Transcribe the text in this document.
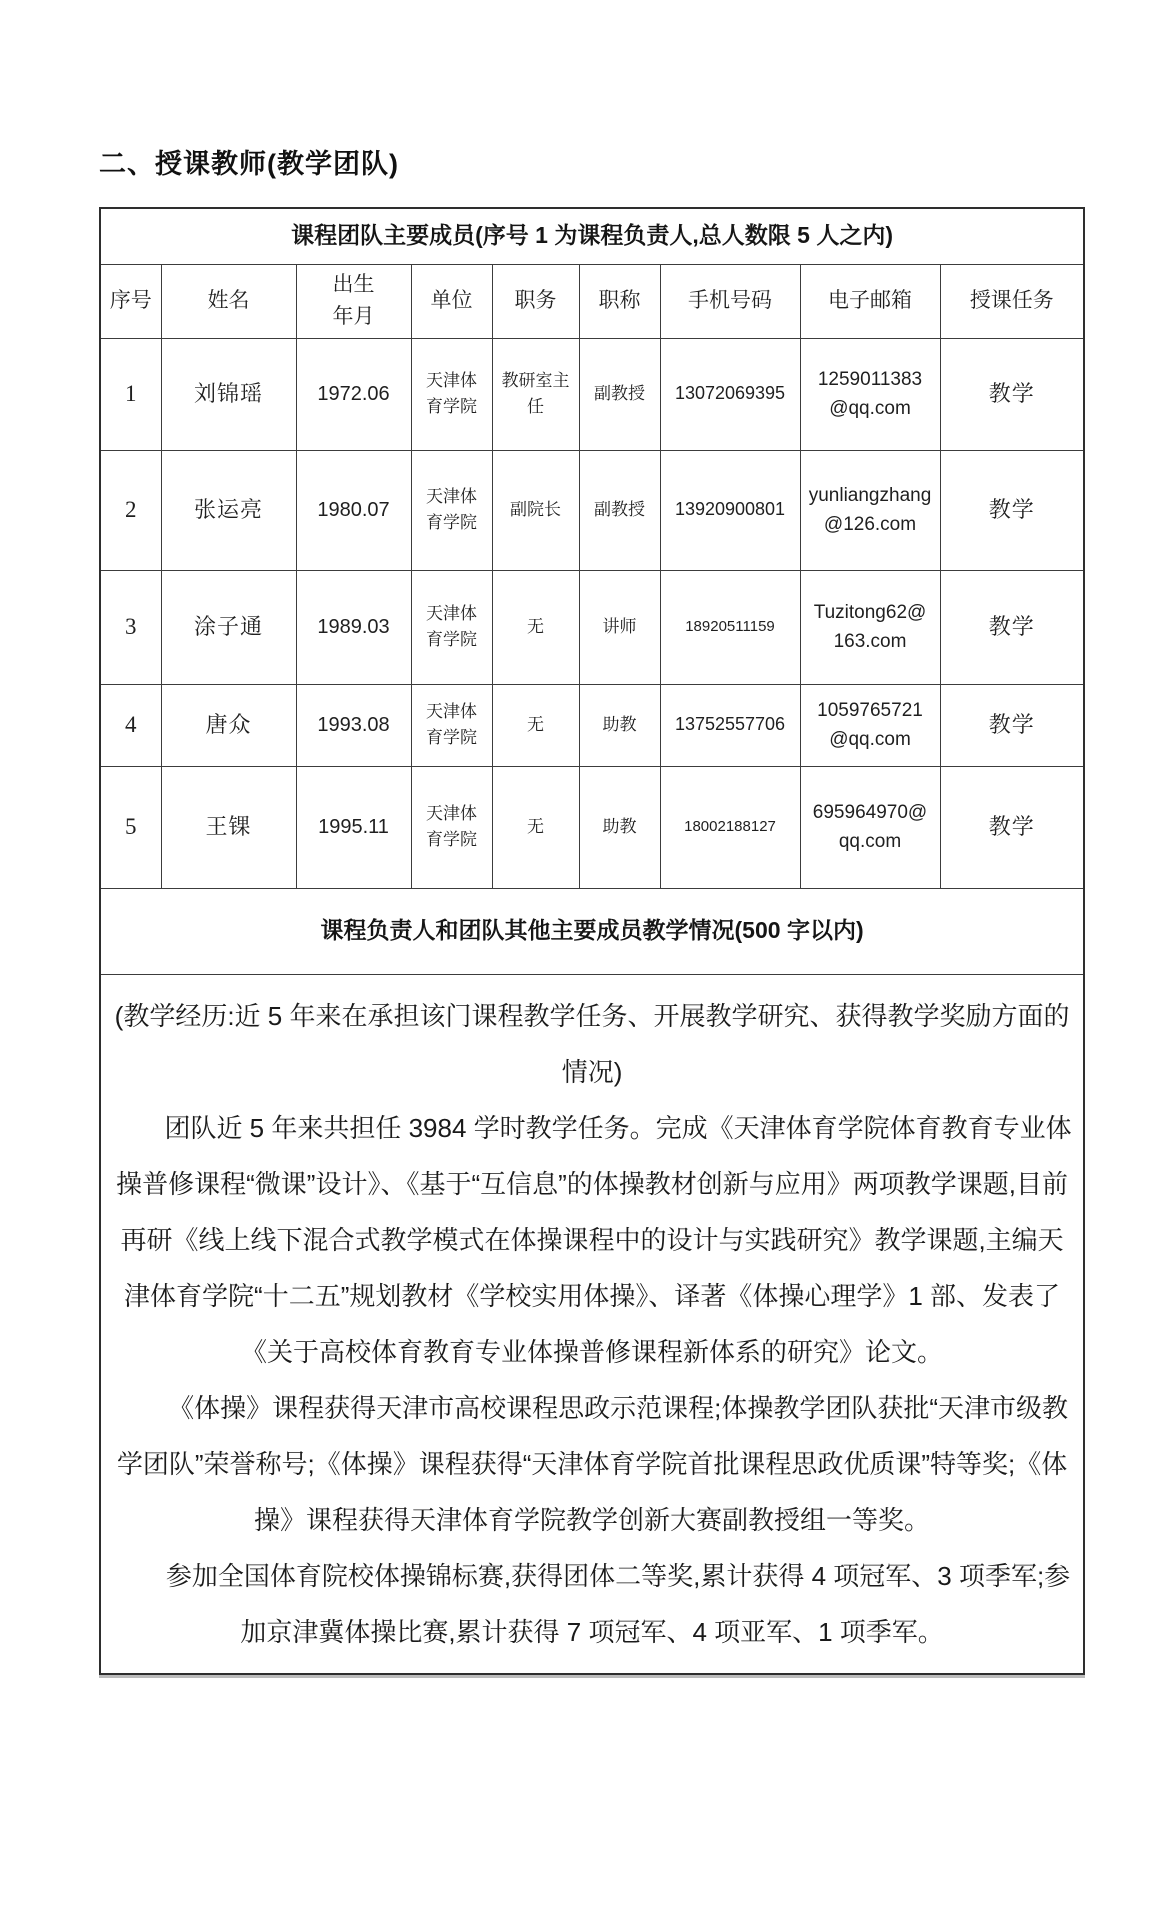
二、授课教师(教学团队)
课程团队主要成员(序号 1 为课程负责人,总人数限 5 人之内)								
序号	姓名	出生年月	单位	职务	职称	手机号码	电子邮箱	授课任务
1	刘锦瑶	1972.06	天津体育学院	教研室主任	副教授	13072069395	1259011383@qq.com	教学
2	张运亮	1980.07	天津体育学院	副院长	副教授	13920900801	yunliangzhang@126.com	教学
3	涂子通	1989.03	天津体育学院	无	讲师	18920511159	Tuzitong62@163.com	教学
4	唐众	1993.08	天津体育学院	无	助教	13752557706	1059765721@qq.com	教学
5	王锞	1995.11	天津体育学院	无	助教	18002188127	695964970@qq.com	教学
课程负责人和团队其他主要成员教学情况(500 字以内)								

(教学经历:近 5 年来在承担该门课程教学任务、开展教学研究、获得教学奖励方面的情况)

团队近 5 年来共担任 3984 学时教学任务。完成《天津体育学院体育教育专业体操普修课程“微课”设计》、《基于“互信息”的体操教材创新与应用》两项教学课题,目前再研《线上线下混合式教学模式在体操课程中的设计与实践研究》教学课题,主编天津体育学院“十二五”规划教材《学校实用体操》、译著《体操心理学》1 部、发表了《关于高校体育教育专业体操普修课程新体系的研究》论文。

《体操》课程获得天津市高校课程思政示范课程;体操教学团队获批“天津市级教学团队”荣誉称号;《体操》课程获得“天津体育学院首批课程思政优质课”特等奖;《体操》课程获得天津体育学院教学创新大赛副教授组一等奖。

参加全国体育院校体操锦标赛,获得团体二等奖,累计获得 4 项冠军、3 项季军;参加京津冀体操比赛,累计获得 7 项冠军、4 项亚军、1 项季军。								
